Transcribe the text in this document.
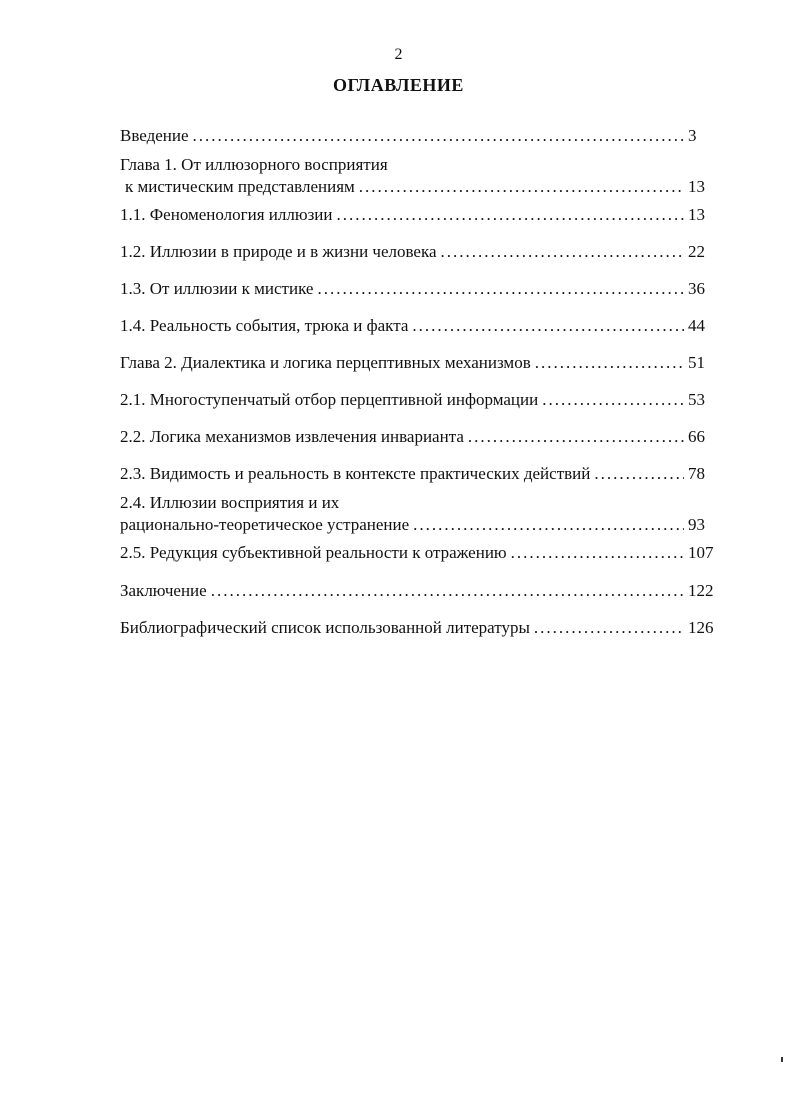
2
ОГЛАВЛЕНИЕ
Введение .....	3
Глава 1. От иллюзорного восприятия
к мистическим представлениям .....	13
1.1. Феноменология иллюзии .....	13
1.2. Иллюзии в природе и в жизни человека .....	22
1.3. От иллюзии к мистике .....	36
1.4. Реальность события, трюка и факта .....	44
Глава 2. Диалектика и логика перцептивных механизмов .....	51
2.1. Многоступенчатый отбор перцептивной информации .....	53
2.2. Логика механизмов извлечения инварианта .....	66
2.3. Видимость и реальность в контексте практических действий .....	78
2.4. Иллюзии восприятия и их
рационально-теоретическое устранение .....	93
2.5. Редукция субъективной реальности к отражению .....	107
Заключение .....	122
Библиографический список использованной литературы .....	126
